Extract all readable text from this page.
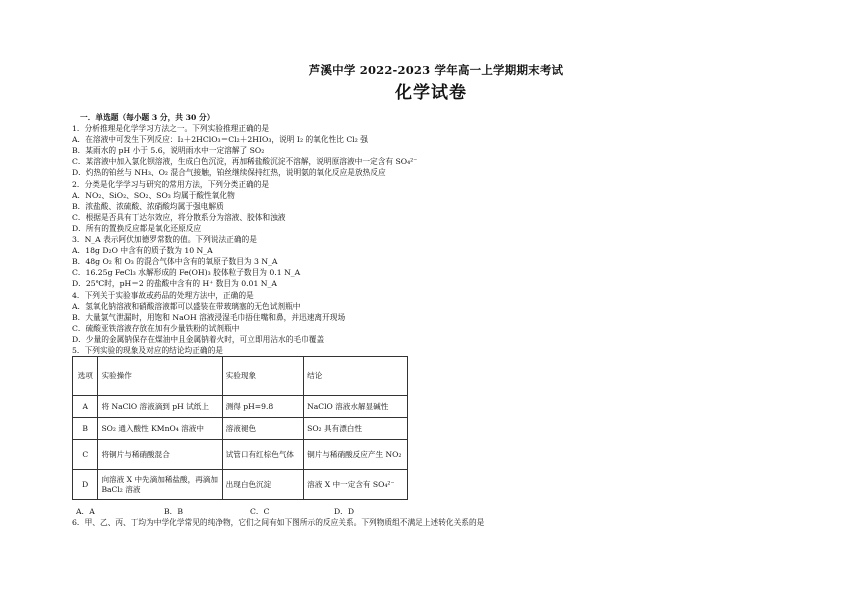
芦溪中学 2022-2023 学年高一上学期期末考试
化学试卷
一．单选题（每小题 3 分，共 30 分）
1．分析推理是化学学习方法之一。下列实验推理正确的是
A．在溶液中可发生下列反应：I₂＋2HClO₃＝Cl₂＋2HIO₃，说明 I₂ 的氧化性比 Cl₂ 强
B．某雨水的 pH 小于 5.6，说明雨水中一定溶解了 SO₂
C．某溶液中加入氯化钡溶液，生成白色沉淀，再加稀盐酸沉淀不溶解，说明原溶液中一定含有 SO₄²⁻
D．灼热的铂丝与 NH₃、O₂ 混合气接触，铂丝继续保持红热，说明氨的氧化反应是放热反应
2．分类是化学学习与研究的常用方法，下列分类正确的是
A．NO₂、SiO₂、SO₂、SO₃ 均属于酸性氧化物
B．浓盐酸、浓硫酸、浓硝酸均属于强电解质
C．根据是否具有丁达尔效应，将分散系分为溶液、胶体和浊液
D．所有的置换反应都是氧化还原反应
3．N_A 表示阿伏加德罗常数的值。下列说法正确的是
A．18g D₂O 中含有的质子数为 10 N_A
B．48g O₂ 和 O₃ 的混合气体中含有的氧原子数目为 3 N_A
C．16.25g FeCl₃ 水解形成的 Fe(OH)₃ 胶体粒子数目为 0.1 N_A
D．25℃时，pH＝2 的盐酸中含有的 H⁺ 数目为 0.01 N_A
4．下列关于实验事故或药品的处理方法中，正确的是
A．氢氧化钠溶液和硝酸溶液都可以盛装在带玻璃塞的无色试剂瓶中
B．大量氯气泄漏时，用饱和 NaOH 溶液浸湿毛巾捂住嘴和鼻，并迅速离开现场
C．硫酸亚铁溶液存放在加有少量铁粉的试剂瓶中
D．少量的金属钠保存在煤油中且金属钠着火时，可立即用沾水的毛巾覆盖
5．下列实验的现象及对应的结论均正确的是
选项	实验操作	实验现象	结论
A	将 NaClO 溶液滴到 pH 试纸上	测得 pH=9.8	NaClO 溶液水解显碱性
B	SO₂ 通入酸性 KMnO₄ 溶液中	溶液褪色	SO₂ 具有漂白性
C	将铜片与稀硝酸混合	试管口有红棕色气体	铜片与稀硝酸反应产生 NO₂
D	向溶液 X 中先滴加稀盐酸，再滴加 BaCl₂ 溶液	出现白色沉淀	溶液 X 中一定含有 SO₄²⁻
A．A	B．B	C．C	D．D
6．甲、乙、丙、丁均为中学化学常见的纯净物，它们之间有如下图所示的反应关系。下列物质组不满足上述转化关系的是
